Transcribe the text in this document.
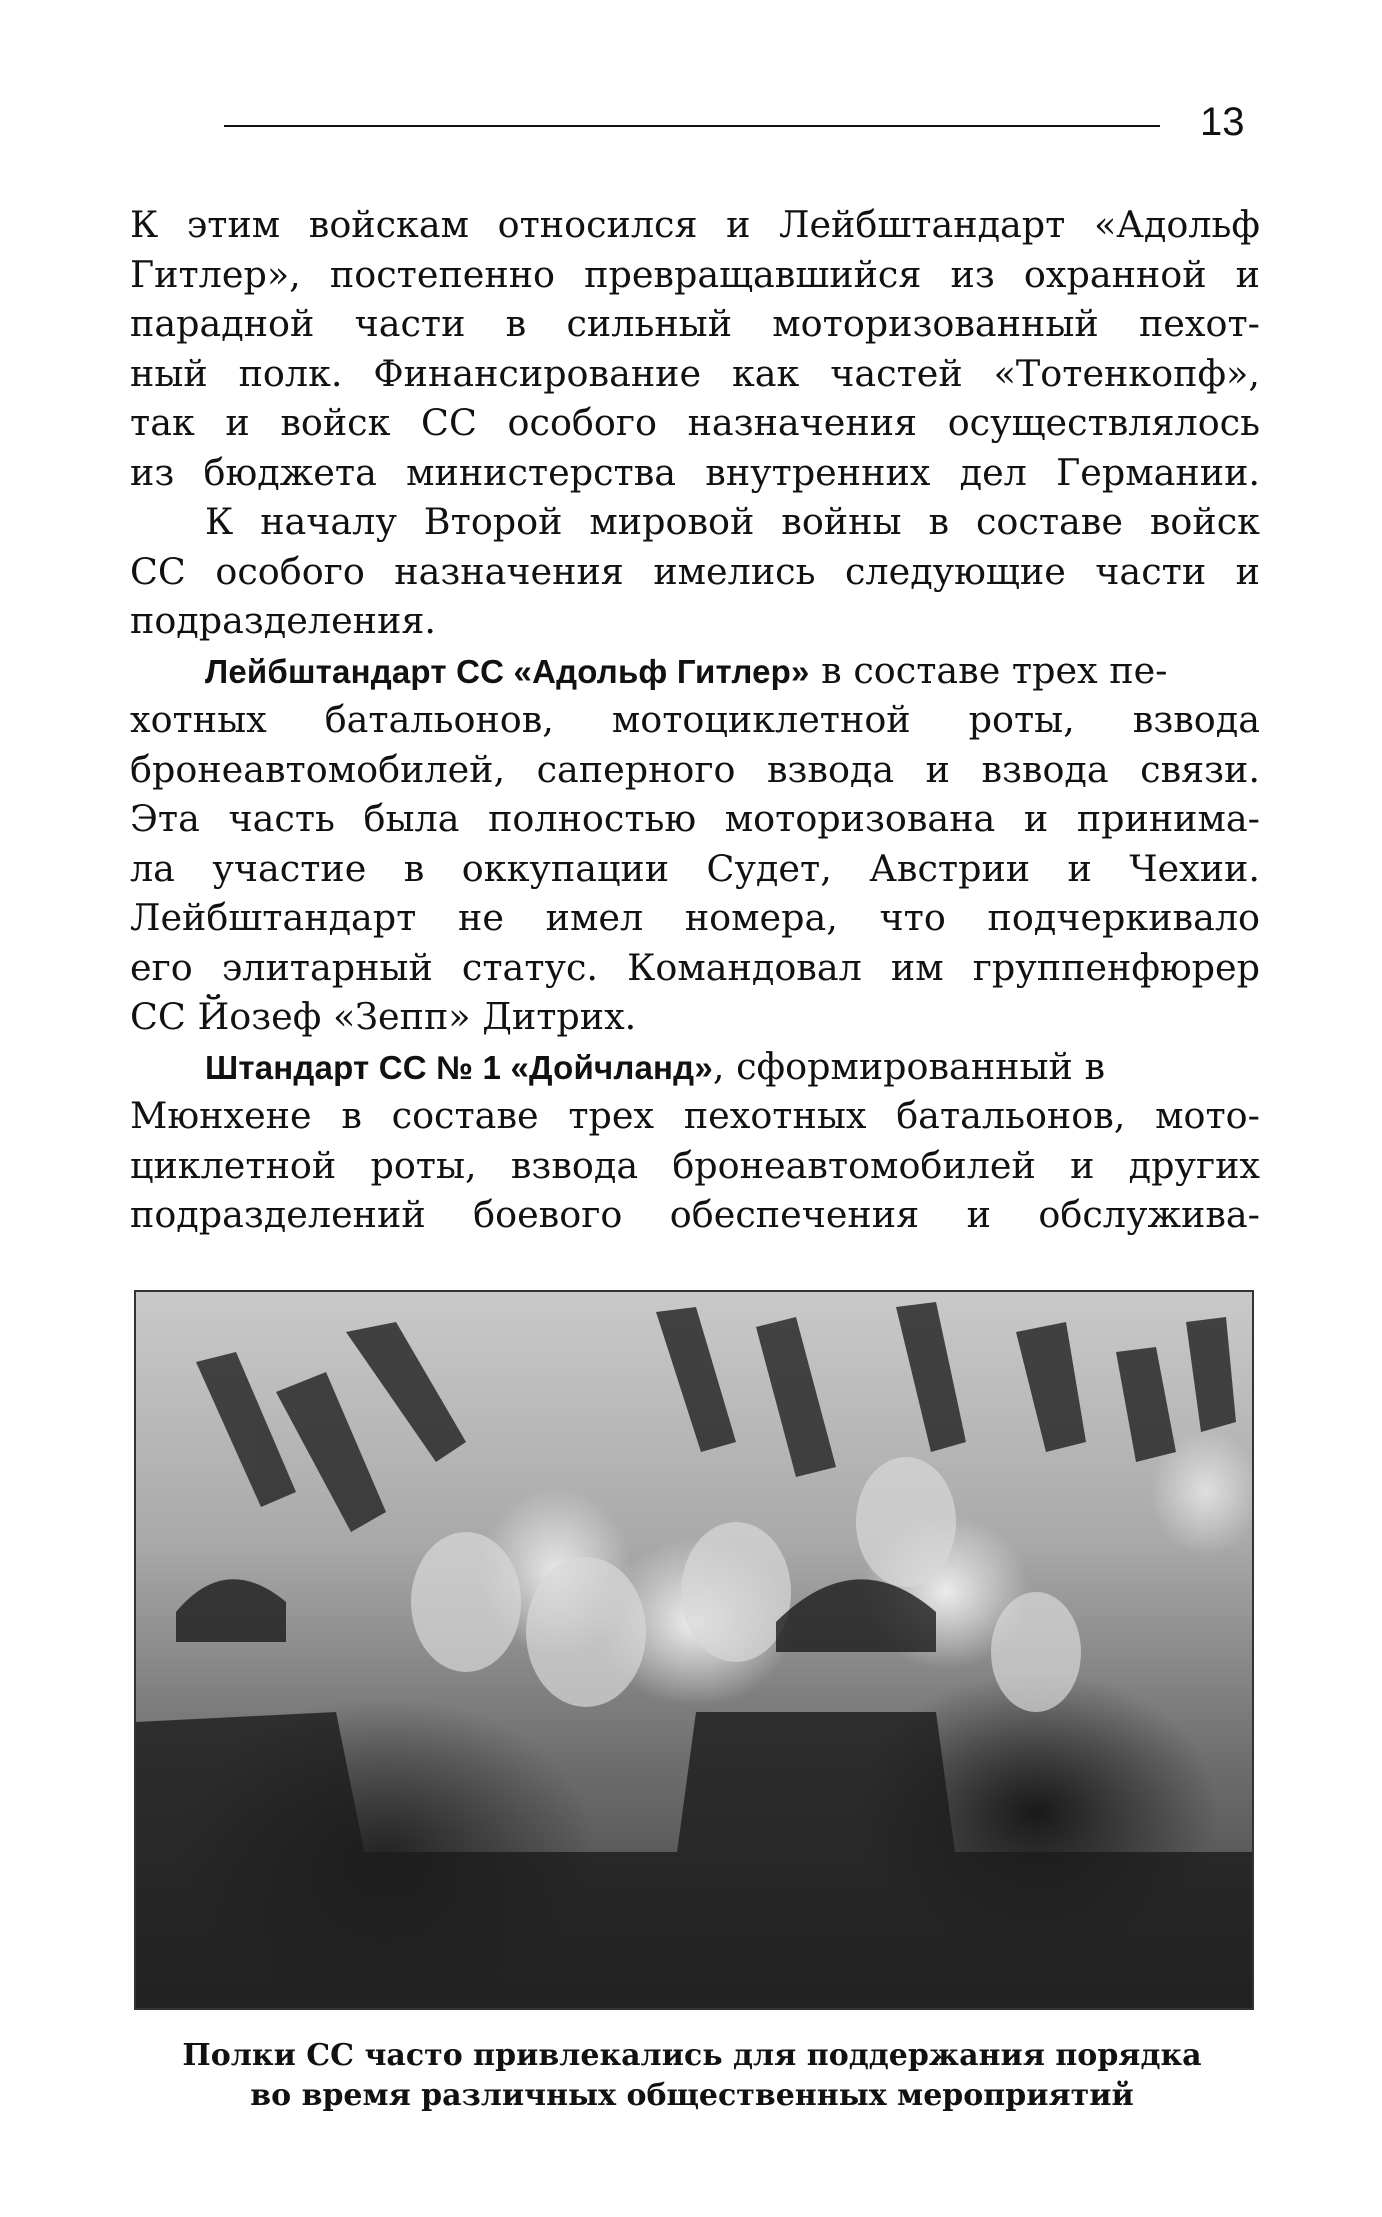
13
К этим войскам относился и Лейбштандарт «Адольф
Гитлер», постепенно превращавшийся из охранной и
парадной части в сильный моторизованный пехот-
ный полк. Финансирование как частей «Тотенкопф»,
так и войск СС особого назначения осуществлялось
из бюджета министерства внутренних дел Германии.
К началу Второй мировой войны в составе войск
СС особого назначения имелись следующие части и
подразделения.
Лейбштандарт СС «Адольф Гитлер» в составе трех пе-
хотных батальонов, мотоциклетной роты, взвода
бронеавтомобилей, саперного взвода и взвода связи.
Эта часть была полностью моторизована и принима-
ла участие в оккупации Судет, Австрии и Чехии.
Лейбштандарт не имел номера, что подчеркивало
его элитарный статус. Командовал им группенфюрер
СС Йозеф «Зепп» Дитрих.
Штандарт СС № 1 «Дойчланд», сформированный в
Мюнхене в составе трех пехотных батальонов, мото-
циклетной роты, взвода бронеавтомобилей и других
подразделений боевого обеспечения и обслужива-
Полки СС часто привлекались для поддержания порядка
во время различных общественных мероприятий
